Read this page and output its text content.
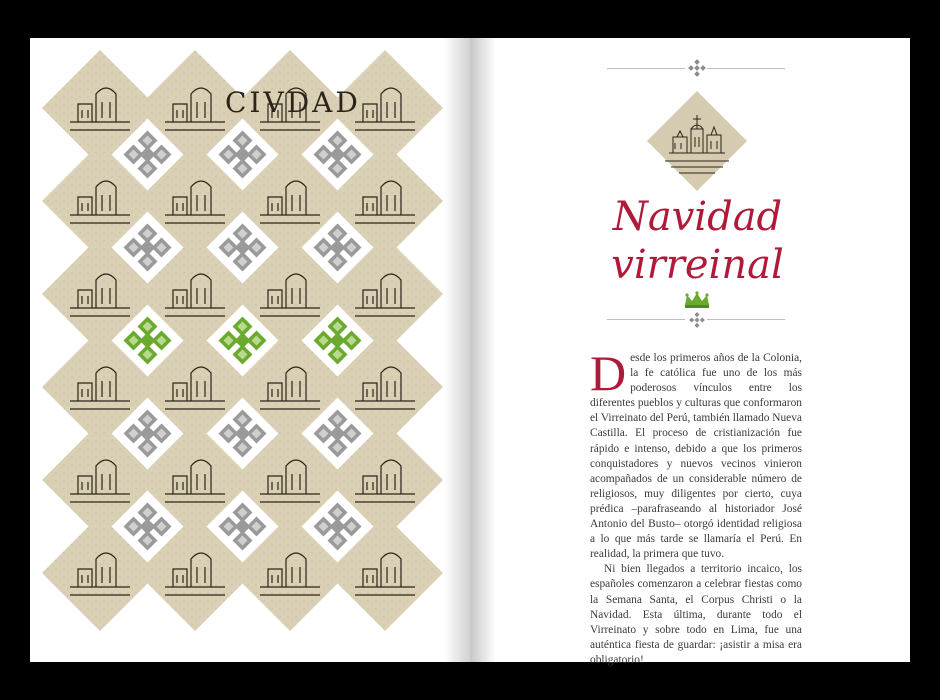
CIVDAD
Navidad
virreinal

Desde los primeros años de la Colonia, la fe católica fue uno de los más poderosos vínculos entre los diferentes pueblos y culturas que conformaron el Virreinato del Perú, también llamado Nueva Castilla. El proceso de cristianización fue rápido e intenso, debido a que los primeros conquistadores y nuevos vecinos vinieron acompañados de un considerable número de religiosos, muy diligentes por cierto, cuya prédica –parafraseando al historiador José Antonio del Busto– otorgó identidad religiosa a lo que más tarde se llamaría el Perú. En realidad, la primera que tuvo.

Ni bien llegados a territorio incaico, los españoles comenzaron a celebrar fiestas como la Semana Santa, el Corpus Christi o la Navidad. Esta última, durante todo el Virreinato y sobre todo en Lima, fue una auténtica fiesta de guardar: ¡asistir a misa era obligatorio!
